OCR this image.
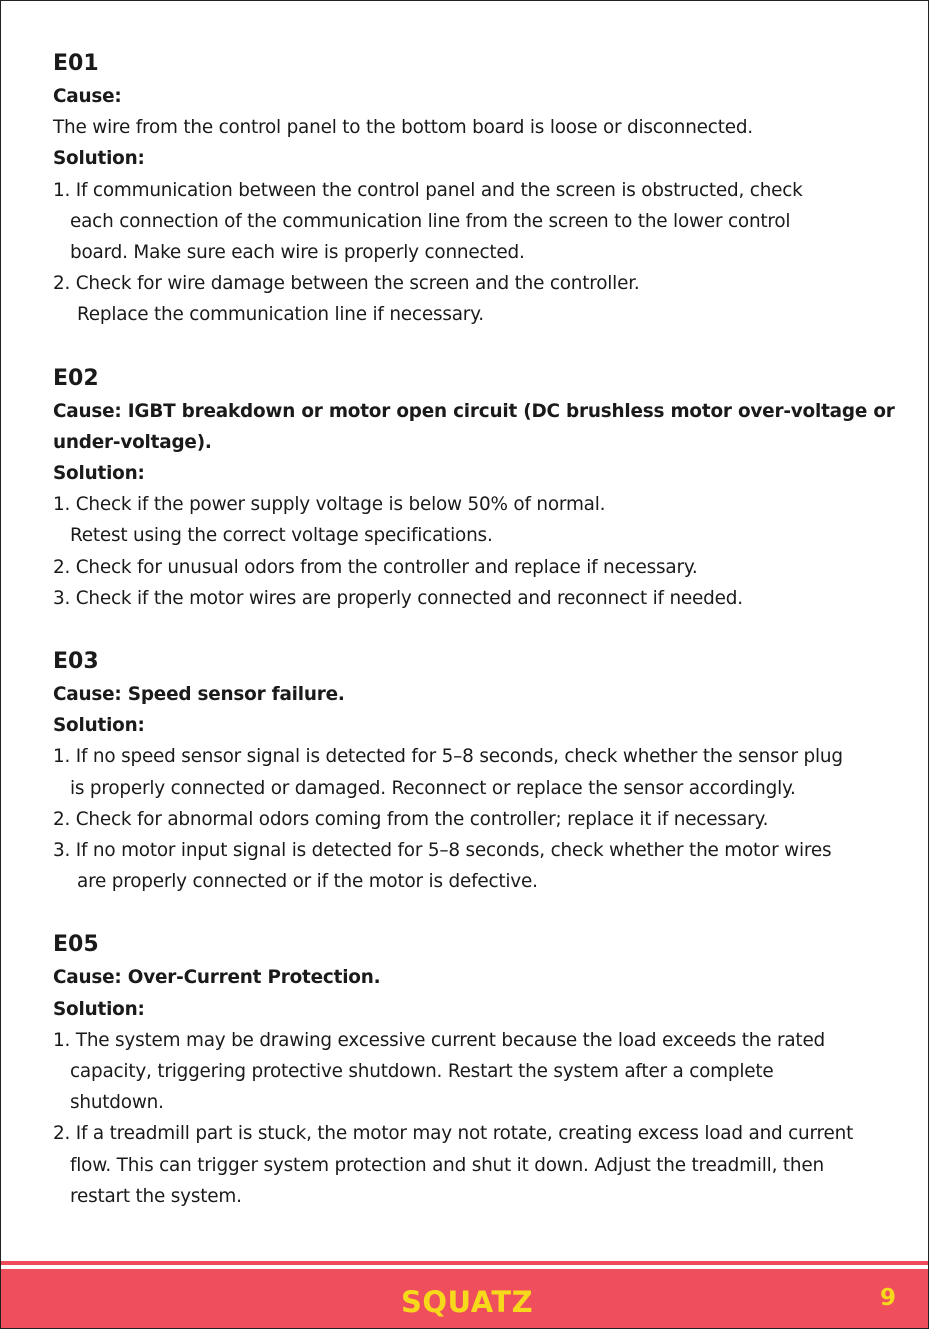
E01
Cause:
The wire from the control panel to the bottom board is loose or disconnected.
Solution:
1. If communication between the control panel and the screen is obstructed, check
each connection of the communication line from the screen to the lower control
board. Make sure each wire is properly connected.
2. Check for wire damage between the screen and the controller.
Replace the communication line if necessary.
E02
Cause: IGBT breakdown or motor open circuit (DC brushless motor over-voltage or
under-voltage).
Solution:
1. Check if the power supply voltage is below 50% of normal.
Retest using the correct voltage specifications.
2. Check for unusual odors from the controller and replace if necessary.
3. Check if the motor wires are properly connected and reconnect if needed.
E03
Cause: Speed sensor failure.
Solution:
1. If no speed sensor signal is detected for 5–8 seconds, check whether the sensor plug
is properly connected or damaged. Reconnect or replace the sensor accordingly.
2. Check for abnormal odors coming from the controller; replace it if necessary.
3. If no motor input signal is detected for 5–8 seconds, check whether the motor wires
are properly connected or if the motor is defective.
E05
Cause: Over-Current Protection.
Solution:
1. The system may be drawing excessive current because the load exceeds the rated
capacity, triggering protective shutdown. Restart the system after a complete
shutdown.
2. If a treadmill part is stuck, the motor may not rotate, creating excess load and current
flow. This can trigger system protection and shut it down. Adjust the treadmill, then
restart the system.
SQUATZ	9
